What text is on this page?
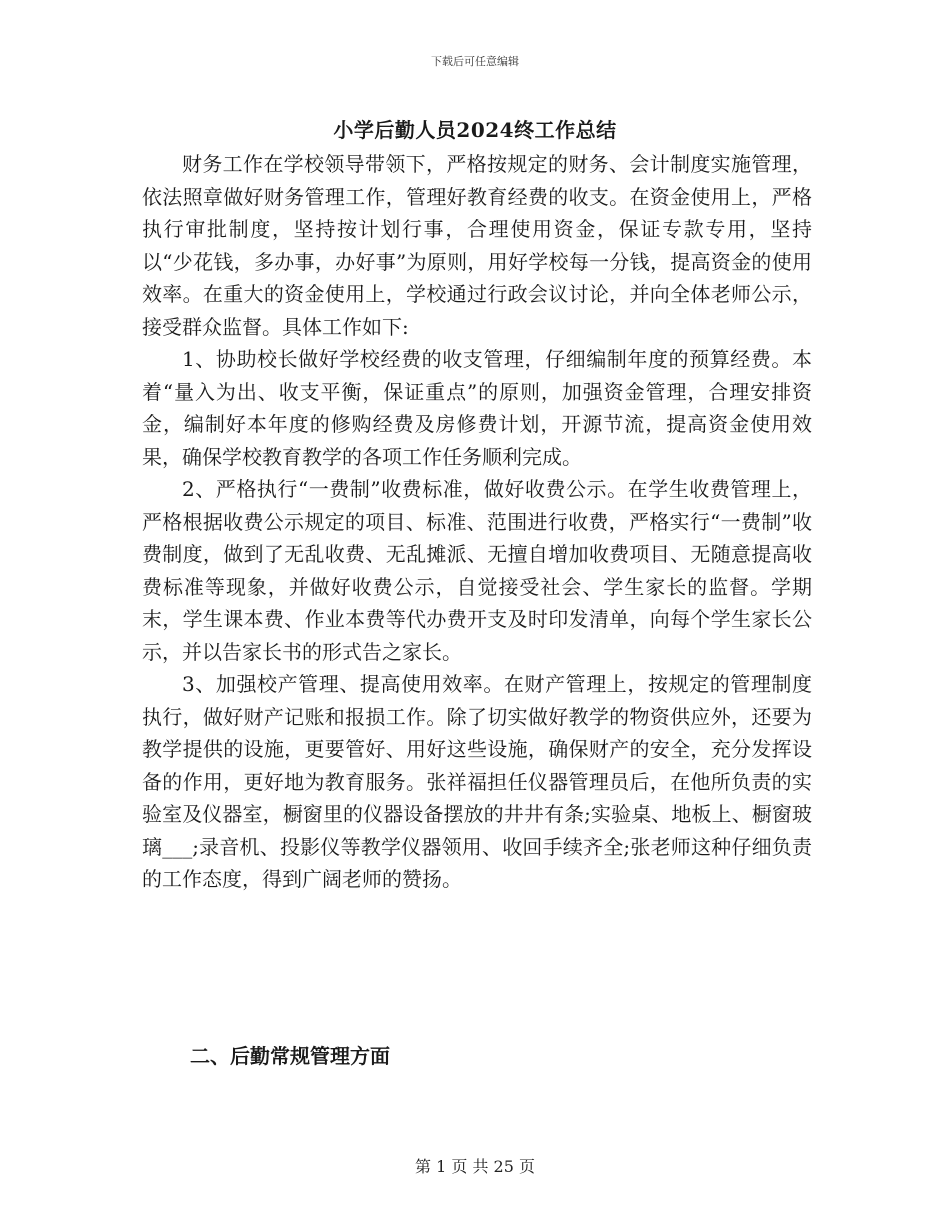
下载后可任意编辑
小学后勤人员2024终工作总结

财务工作在学校领导带领下，严格按规定的财务、会计制度实施管理，依法照章做好财务管理工作，管理好教育经费的收支。在资金使用上，严格执行审批制度，坚持按计划行事，合理使用资金，保证专款专用，坚持以“少花钱，多办事，办好事”为原则，用好学校每一分钱，提高资金的使用效率。在重大的资金使用上，学校通过行政会议讨论，并向全体老师公示，接受群众监督。具体工作如下:

1、协助校长做好学校经费的收支管理，仔细编制年度的预算经费。本着“量入为出、收支平衡，保证重点”的原则，加强资金管理，合理安排资金，编制好本年度的修购经费及房修费计划，开源节流，提高资金使用效果，确保学校教育教学的各项工作任务顺利完成。

2、严格执行“一费制”收费标准，做好收费公示。在学生收费管理上，严格根据收费公示规定的项目、标准、范围进行收费，严格实行“一费制”收费制度，做到了无乱收费、无乱摊派、无擅自增加收费项目、无随意提高收费标准等现象，并做好收费公示，自觉接受社会、学生家长的监督。学期末，学生课本费、作业本费等代办费开支及时印发清单，向每个学生家长公示，并以告家长书的形式告之家长。

3、加强校产管理、提高使用效率。在财产管理上，按规定的管理制度执行，做好财产记账和报损工作。除了切实做好教学的物资供应外，还要为教学提供的设施，更要管好、用好这些设施，确保财产的安全，充分发挥设备的作用，更好地为教育服务。张祥福担任仪器管理员后，在他所负责的实验室及仪器室，橱窗里的仪器设备摆放的井井有条;实验桌、地板上、橱窗玻璃___;录音机、投影仪等教学仪器领用、收回手续齐全;张老师这种仔细负责的工作态度，得到广阔老师的赞扬。

二、后勤常规管理方面
第 1 页 共 25 页
